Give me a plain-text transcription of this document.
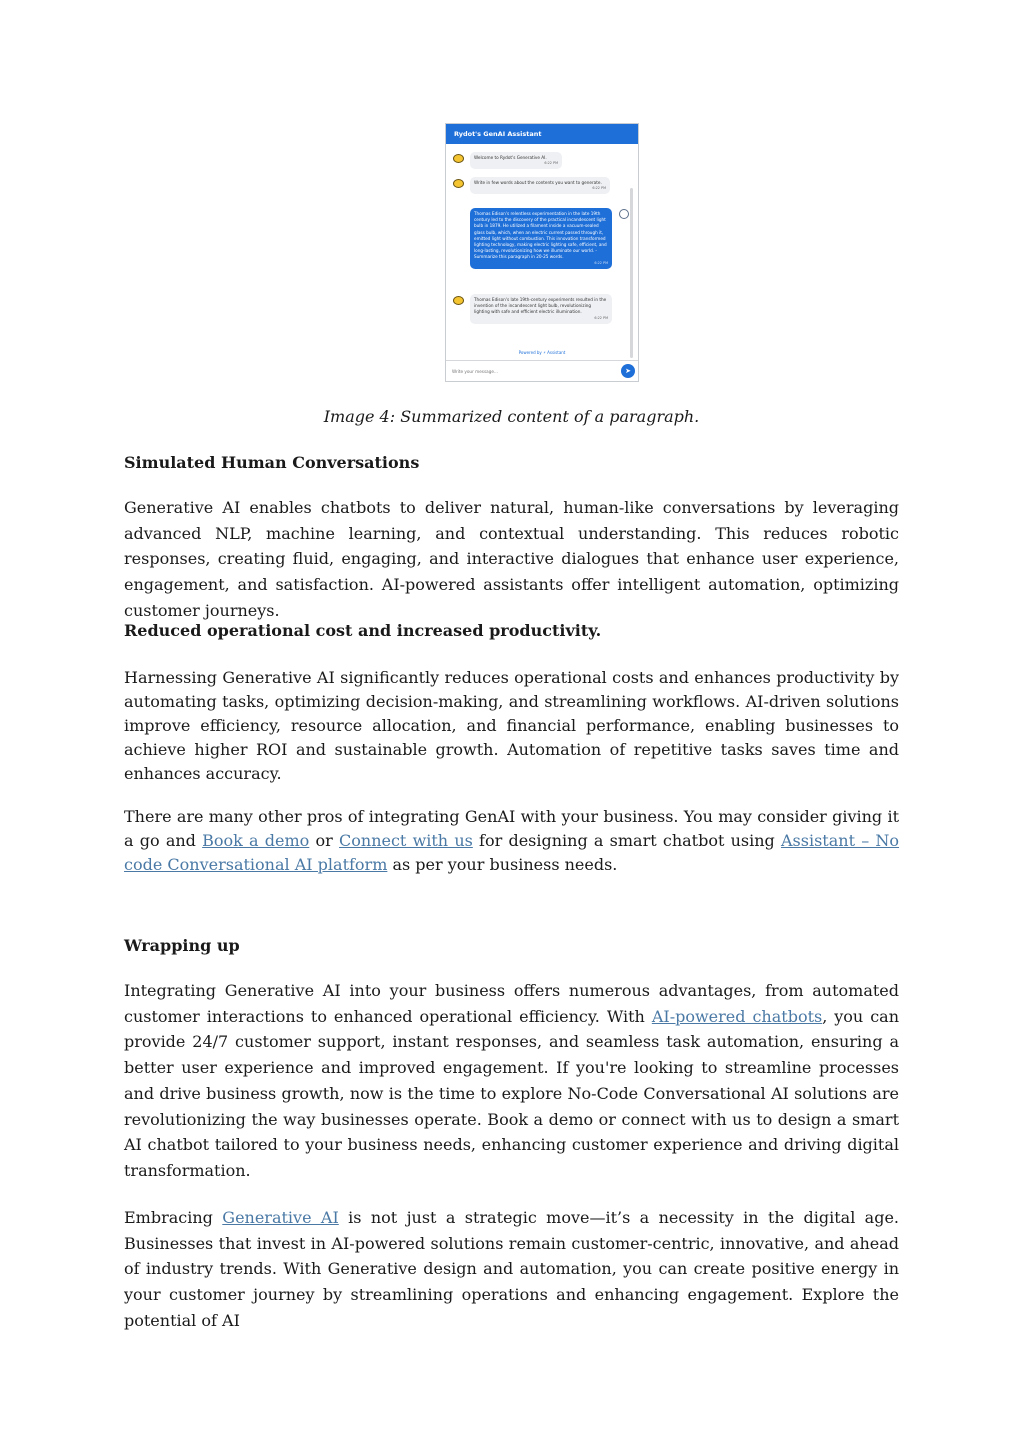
Rydot's GenAI Assistant
Welcome to Rydot's Generative AI.
6:22 PM
Write in few words about the contents you want to generate.
6:22 PM
Thomas Edison's relentless experimentation in the late 19th century led to the discovery of the practical incandescent light bulb in 1879. He utilized a filament inside a vacuum-sealed glass bulb, which, when an electric current passed through it, emitted light without combustion. This innovation transformed lighting technology, making electric lighting safe, efficient, and long-lasting, revolutionizing how we illuminate our world. - Summarize this paragraph in 20-25 words.
6:22 PM
Thomas Edison's late 19th-century experiments resulted in the invention of the incandescent light bulb, revolutionizing lighting with safe and efficient electric illumination.
6:22 PM
Powered by ⚡ Assistant
Write your message...
➤
Image 4: Summarized content of a paragraph.
Simulated Human Conversations

Generative AI enables chatbots to deliver natural, human-like conversations by leveraging advanced NLP, machine learning, and contextual understanding. This reduces robotic responses, creating fluid, engaging, and interactive dialogues that enhance user experience, engagement, and satisfaction. AI-powered assistants offer intelligent automation, optimizing customer journeys.

Reduced operational cost and increased productivity.

Harnessing Generative AI significantly reduces operational costs and enhances productivity by automating tasks, optimizing decision-making, and streamlining workflows. AI-driven solutions improve efficiency, resource allocation, and financial performance, enabling businesses to achieve higher ROI and sustainable growth. Automation of repetitive tasks saves time and enhances accuracy.

There are many other pros of integrating GenAI with your business. You may consider giving it a go and Book a demo or Connect with us for designing a smart chatbot using Assistant – No code Conversational AI platform as per your business needs.

Wrapping up

Integrating Generative AI into your business offers numerous advantages, from automated customer interactions to enhanced operational efficiency. With AI-powered chatbots, you can provide 24/7 customer support, instant responses, and seamless task automation, ensuring a better user experience and improved engagement. If you're looking to streamline processes and drive business growth, now is the time to explore No-Code Conversational AI solutions are revolutionizing the way businesses operate. Book a demo or connect with us to design a smart AI chatbot tailored to your business needs, enhancing customer experience and driving digital transformation.

Embracing Generative AI is not just a strategic move—it’s a necessity in the digital age. Businesses that invest in AI-powered solutions remain customer-centric, innovative, and ahead of industry trends. With Generative design and automation, you can create positive energy in your customer journey by streamlining operations and enhancing engagement. Explore the potential of AI
